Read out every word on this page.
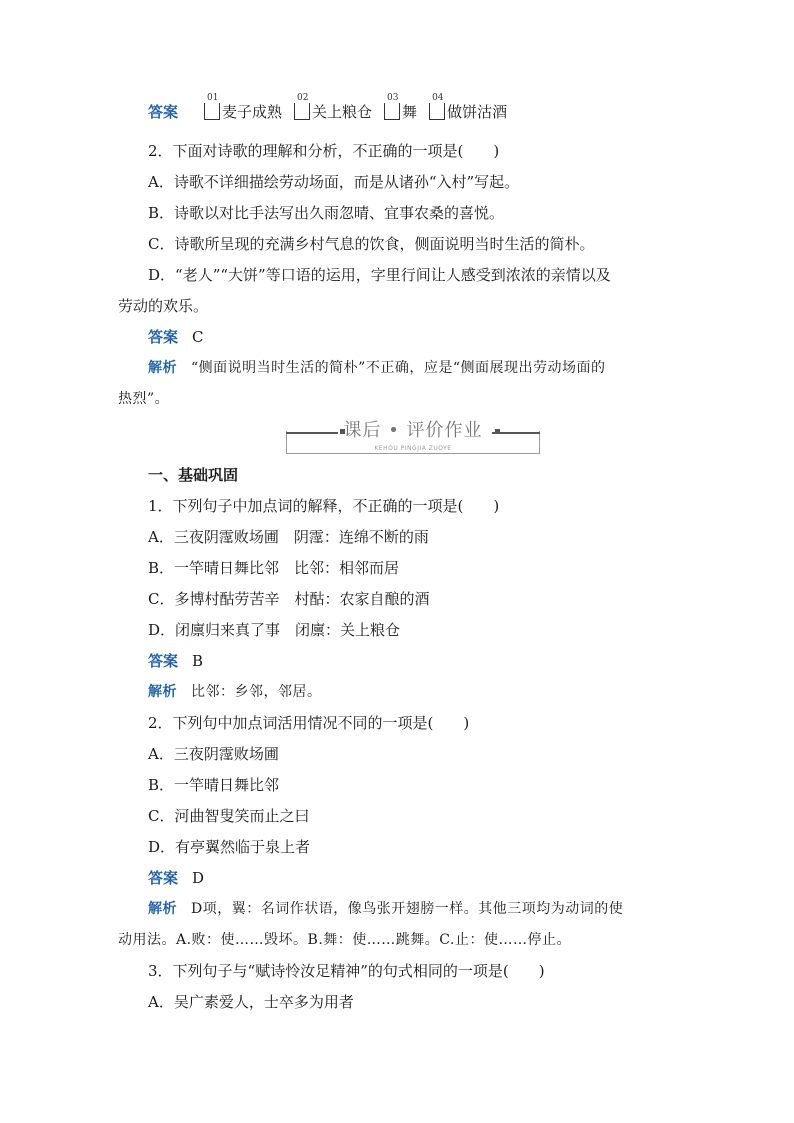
答案
01
麦子成熟
02
关上粮仓
03
舞
04
做饼沽酒
2．下面对诗歌的理解和分析，不正确的一项是(　　)
A．诗歌不详细描绘劳动场面，而是从诸孙“入村”写起。
B．诗歌以对比手法写出久雨忽晴、宜事农桑的喜悦。
C．诗歌所呈现的充满乡村气息的饮食，侧面说明当时生活的简朴。
D．“老人”“大饼”等口语的运用，字里行间让人感受到浓浓的亲情以及
劳动的欢乐。
答案 C
解析 “侧面说明当时生活的简朴”不正确，应是“侧面展现出劳动场面的
热烈”。
课后 • 评价作业
KEHOU PINGJIA ZUOYE
一、基础巩固
1．下列句子中加点词的解释，不正确的一项是(　　)
A．三夜阴霪败场圃　阴霪：连绵不断的雨
B．一竿晴日舞比邻　比邻：相邻而居
C．多博村酤劳苦辛　村酤：农家自酿的酒
D．闭廪归来真了事　闭廪：关上粮仓
答案 B
解析 比邻：乡邻，邻居。
2．下列句中加点词活用情况不同的一项是(　　)
A．三夜阴霪败场圃
B．一竿晴日舞比邻
C．河曲智叟笑而止之曰
D．有亭翼然临于泉上者
答案 D
解析 D项，翼：名词作状语，像鸟张开翅膀一样。其他三项均为动词的使
动用法。A.败：使……毁坏。B.舞：使……跳舞。C.止：使……停止。
3．下列句子与“赋诗怜汝足精神”的句式相同的一项是(　　)
A．吴广素爱人，士卒多为用者
